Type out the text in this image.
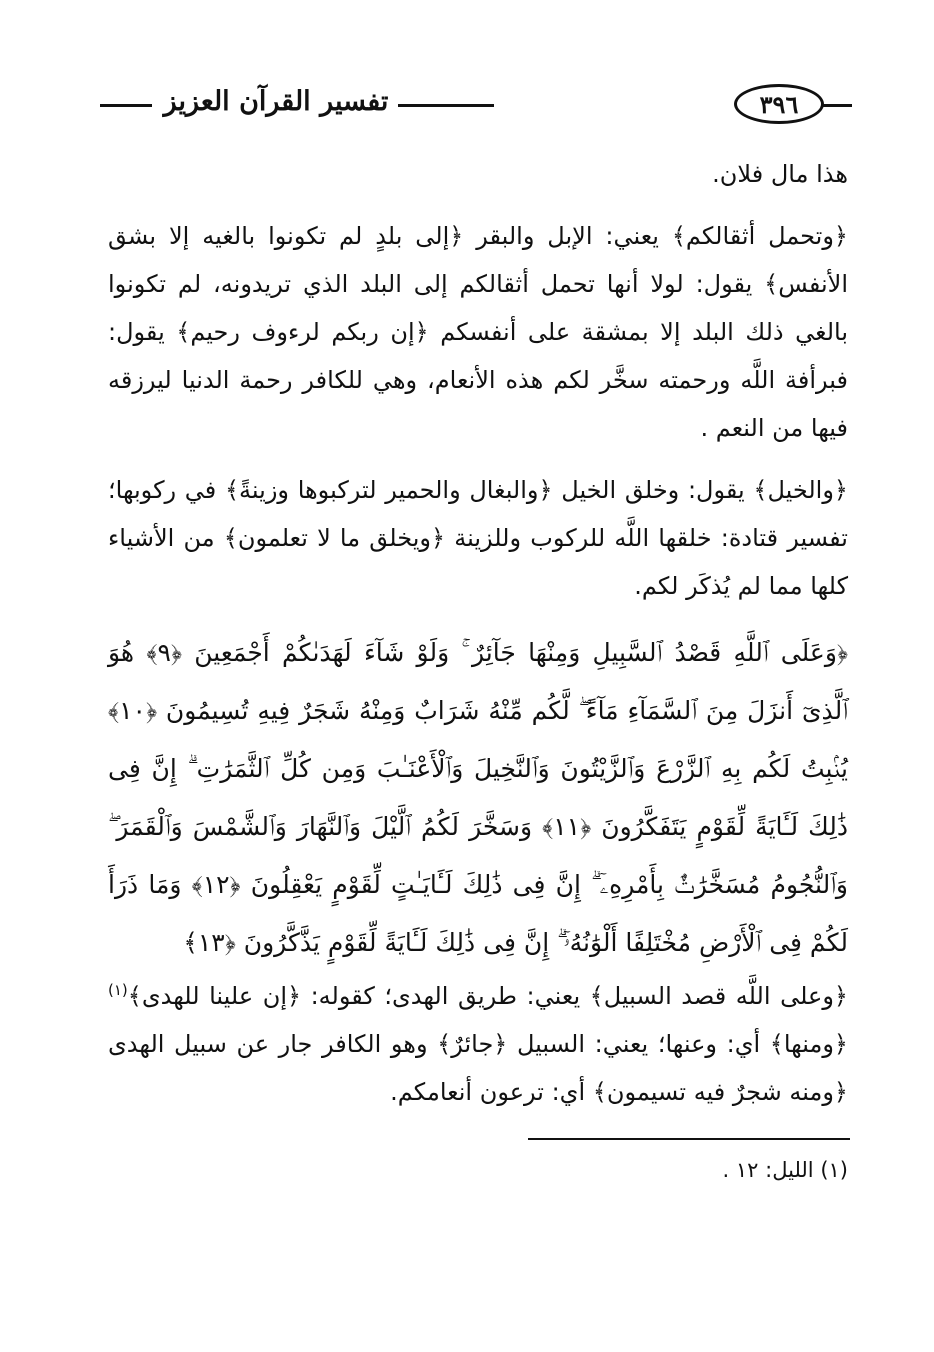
تفسير القرآن العزيز	٣٩٦

هذا مال فلان.

﴿وتحمل أثقالكم﴾ يعني: الإبل والبقر ﴿إلى بلدٍ لم تكونوا بالغيه إلا بشق الأنفس﴾ يقول: لولا أنها تحمل أثقالكم إلى البلد الذي تريدونه، لم تكونوا بالغي ذلك البلد إلا بمشقة على أنفسكم ﴿إن ربكم لرءوف رحيم﴾ يقول: فبرأفة اللَّه ورحمته سخَّر لكم هذه الأنعام، وهي للكافر رحمة الدنيا ليرزقه فيها من النعم .

﴿والخيل﴾ يقول: وخلق الخيل ﴿والبغال والحمير لتركبوها وزينةً﴾ في ركوبها؛ تفسير قتادة: خلقها اللَّه للركوب وللزينة ﴿ويخلق ما لا تعلمون﴾ من الأشياء كلها مما لم يُذكَر لكم.

﴿وَعَلَى ٱللَّهِ قَصْدُ ٱلسَّبِيلِ وَمِنْهَا جَآئِرٌ ۚ وَلَوْ شَآءَ لَهَدَىٰكُمْ أَجْمَعِينَ ﴿٩﴾ هُوَ ٱلَّذِىٓ أَنزَلَ مِنَ ٱلسَّمَآءِ مَآءً ۖ لَّكُم مِّنْهُ شَرَابٌ وَمِنْهُ شَجَرٌ فِيهِ تُسِيمُونَ ﴿١٠﴾ يُنۢبِتُ لَكُم بِهِ ٱلزَّرْعَ وَٱلزَّيْتُونَ وَٱلنَّخِيلَ وَٱلْأَعْنَـٰبَ وَمِن كُلِّ ٱلثَّمَرَٰتِ ۗ إِنَّ فِى ذَٰلِكَ لَـَٔايَةً لِّقَوْمٍ يَتَفَكَّرُونَ ﴿١١﴾ وَسَخَّرَ لَكُمُ ٱلَّيْلَ وَٱلنَّهَارَ وَٱلشَّمْسَ وَٱلْقَمَرَ ۖ وَٱلنُّجُومُ مُسَخَّرَٰتٌۢ بِأَمْرِهِۦٓ ۗ إِنَّ فِى ذَٰلِكَ لَـَٔايَـٰتٍ لِّقَوْمٍ يَعْقِلُونَ ﴿١٢﴾ وَمَا ذَرَأَ لَكُمْ فِى ٱلْأَرْضِ مُخْتَلِفًا أَلْوَٰنُهُۥٓ ۗ إِنَّ فِى ذَٰلِكَ لَـَٔايَةً لِّقَوْمٍ يَذَّكَّرُونَ ﴿١٣﴾

﴿وعلى اللَّه قصد السبيل﴾ يعني: طريق الهدى؛ كقوله: ﴿إن علينا للهدى﴾$^{(١)}$ ﴿ومنها﴾ أي: وعنها؛ يعني: السبيل ﴿جائرٌ﴾ وهو الكافر جار عن سبيل الهدى ﴿ومنه شجرٌ فيه تسيمون﴾ أي: ترعون أنعامكم.

(١) الليل: ١٢ .
